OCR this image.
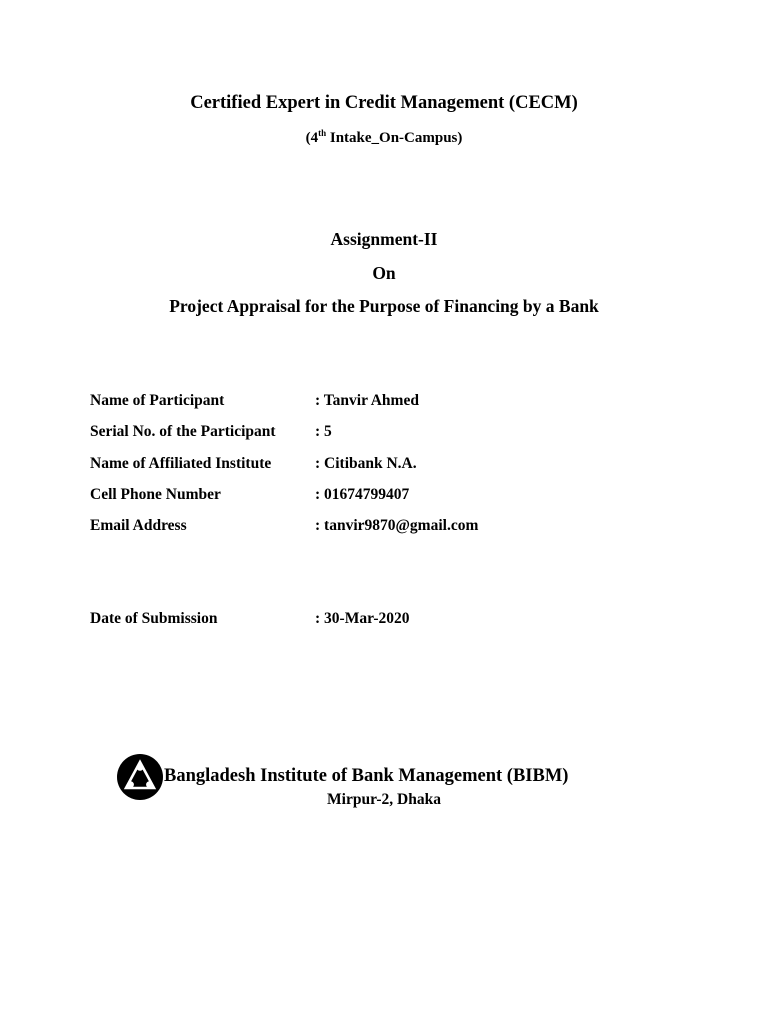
Certified Expert in Credit Management (CECM)
(4th Intake_On-Campus)
Assignment-II
On
Project Appraisal for the Purpose of Financing by a Bank
Name of Participant	: Tanvir Ahmed
Serial No. of the Participant	: 5
Name of Affiliated Institute	: Citibank N.A.
Cell Phone Number	: 01674799407
Email Address	: tanvir9870@gmail.com
Date of Submission	: 30-Mar-2020
Bangladesh Institute of Bank Management (BIBM)
Mirpur-2, Dhaka
